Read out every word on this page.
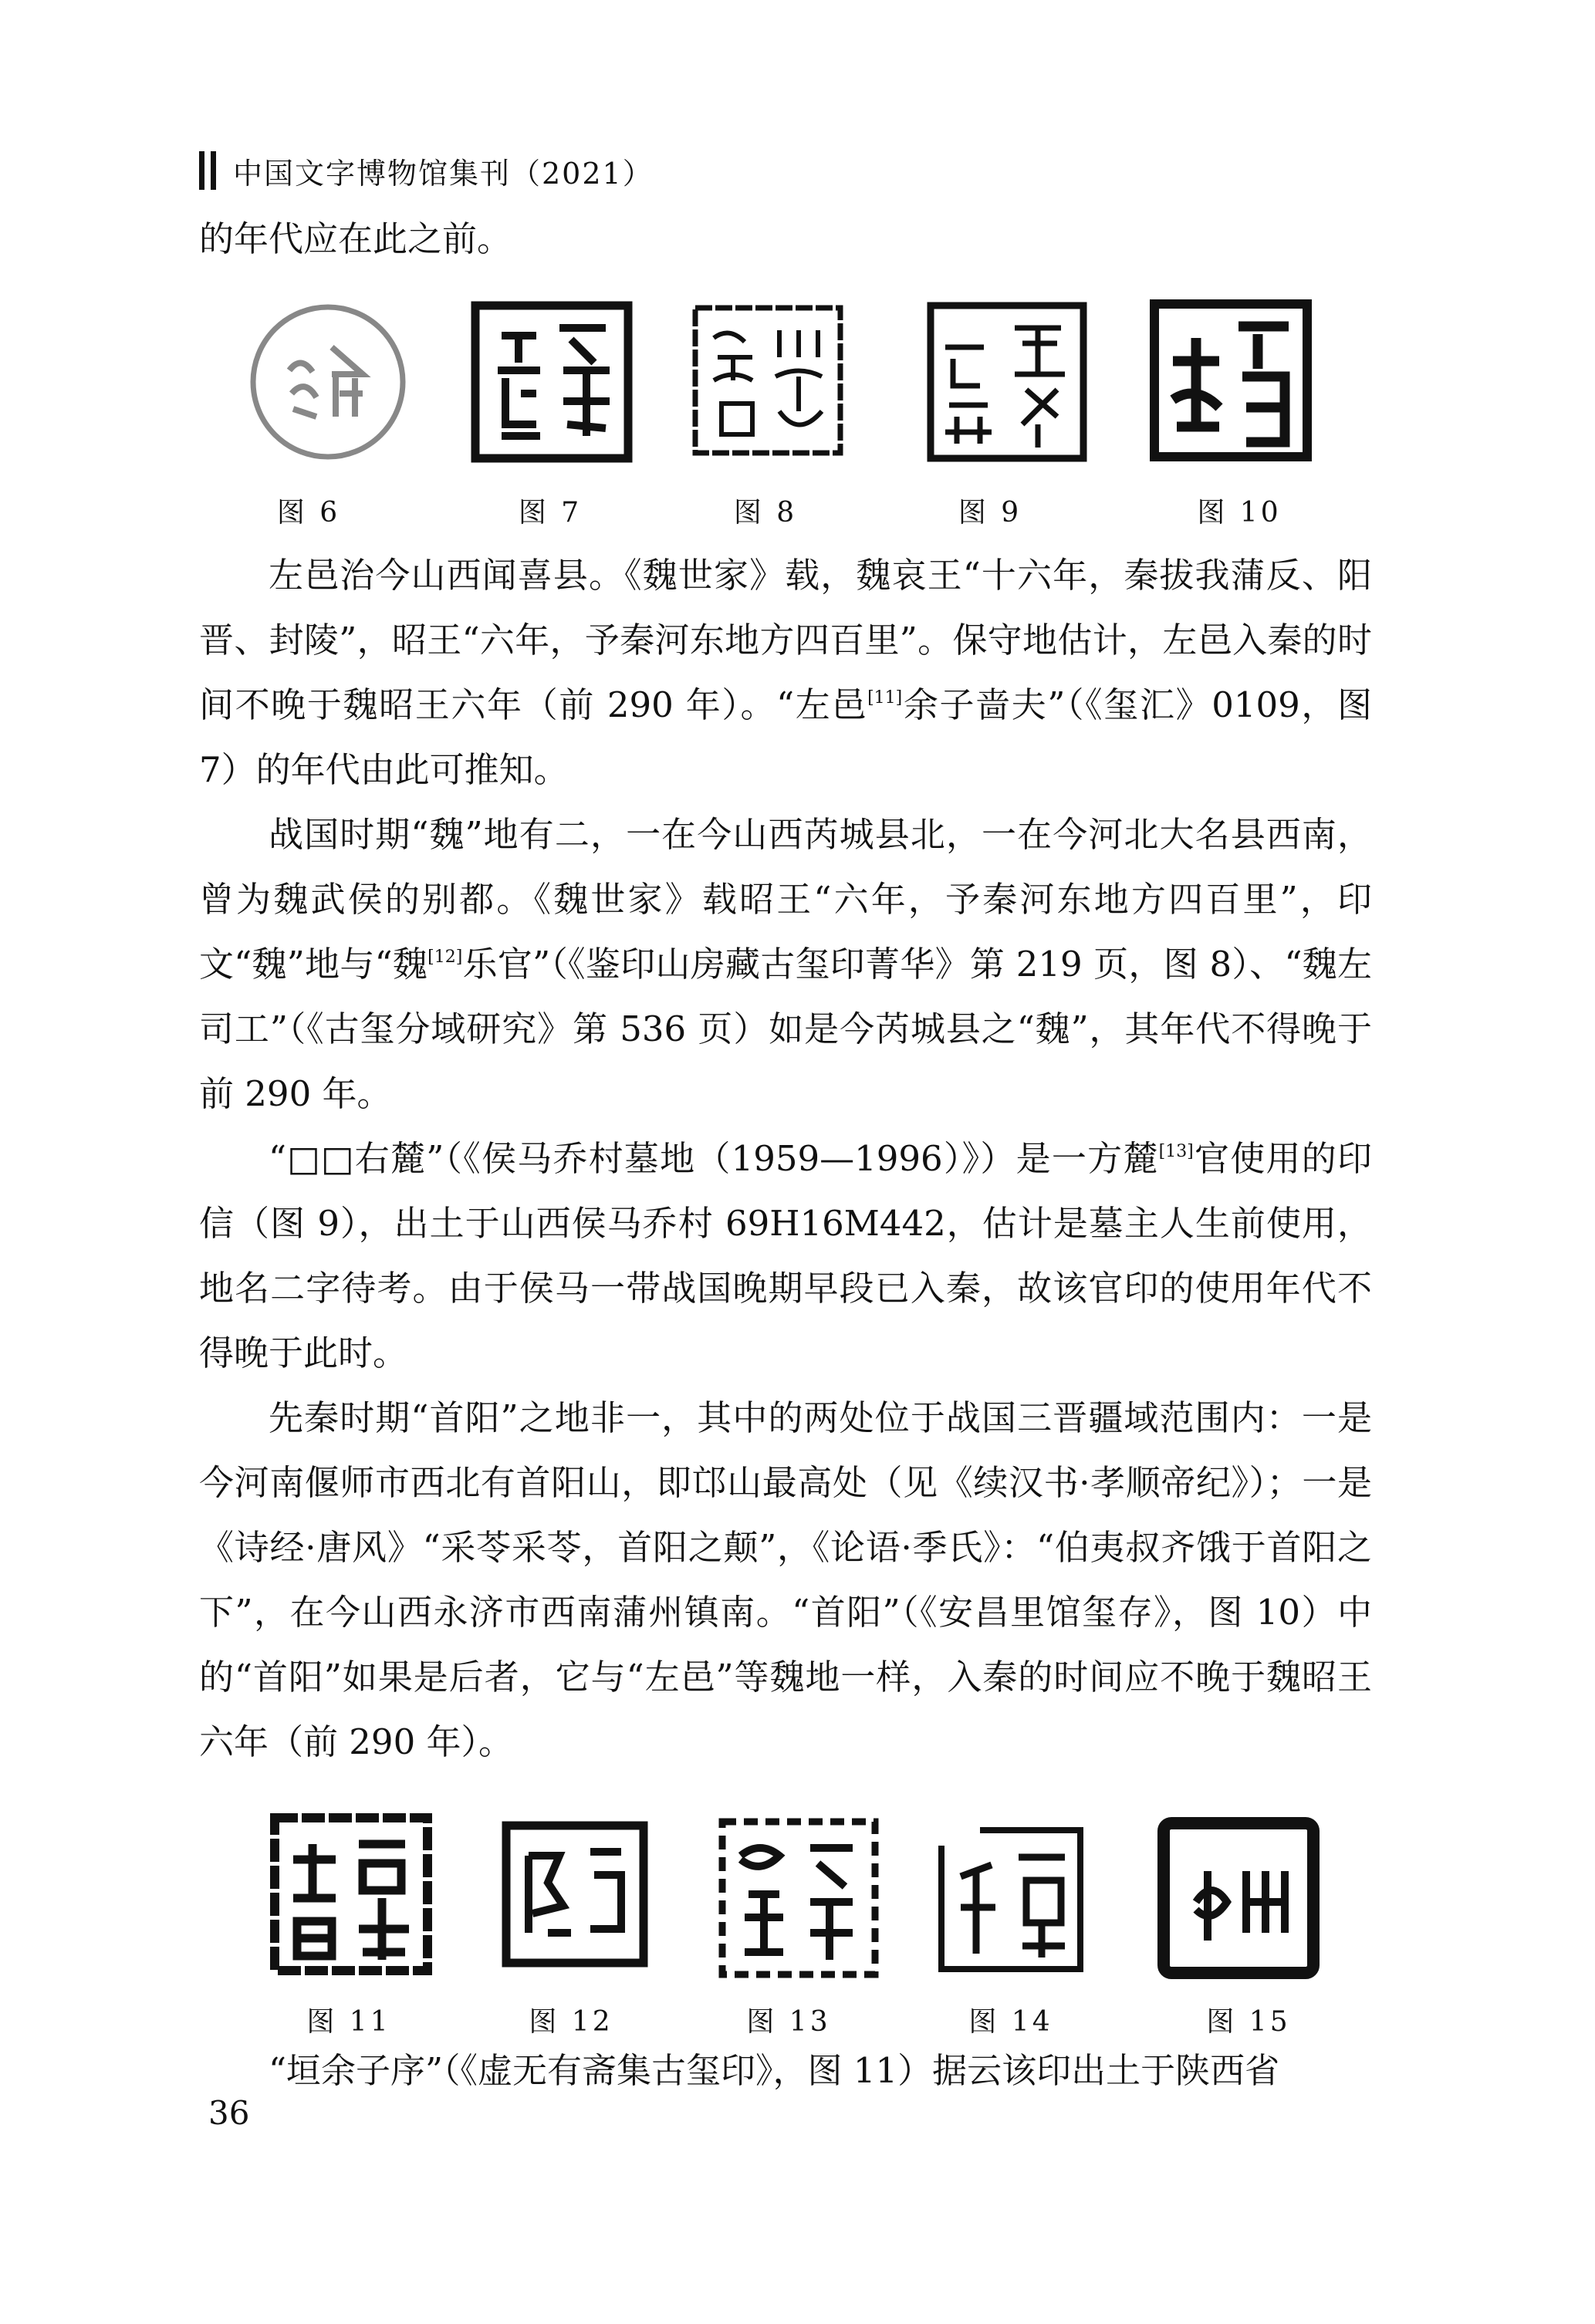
中国文字博物馆集刊（2021）

的年代应在此之前。

图 6	图 7	图 8	图 9	图 10

左邑治今山西闻喜县。《魏世家》载，魏哀王“十六年，秦拔我蒲反、阳晋、封陵”，昭王“六年，予秦河东地方四百里”。保守地估计，左邑入秦的时间不晚于魏昭王六年（前 290 年）。“左邑[11]余子啬夫”（《玺汇》0109，图 7）的年代由此可推知。

战国时期“魏”地有二，一在今山西芮城县北，一在今河北大名县西南，曾为魏武侯的别都。《魏世家》载昭王“六年，予秦河东地方四百里”，印文“魏”地与“魏[12]乐官”（《鉴印山房藏古玺印菁华》第 219 页，图 8）、“魏左司工”（《古玺分域研究》第 536 页）如是今芮城县之“魏”，其年代不得晚于前 290 年。

“□□右麓”（《侯马乔村墓地（1959—1996）》）是一方麓[13]官使用的印信（图 9），出土于山西侯马乔村 69H16M442，估计是墓主人生前使用，地名二字待考。由于侯马一带战国晚期早段已入秦，故该官印的使用年代不得晚于此时。

先秦时期“首阳”之地非一，其中的两处位于战国三晋疆域范围内：一是今河南偃师市西北有首阳山，即邙山最高处（见《续汉书·孝顺帝纪》）；一是《诗经·唐风》“采苓采苓，首阳之颠”，《论语·季氏》：“伯夷叔齐饿于首阳之下”，在今山西永济市西南蒲州镇南。“首阳”（《安昌里馆玺存》，图 10）中的“首阳”如果是后者，它与“左邑”等魏地一样，入秦的时间应不晚于魏昭王六年（前 290 年）。

图 11	图 12	图 13	图 14	图 15

“垣余子序”（《虚无有斋集古玺印》，图 11）据云该印出土于陕西省

36
